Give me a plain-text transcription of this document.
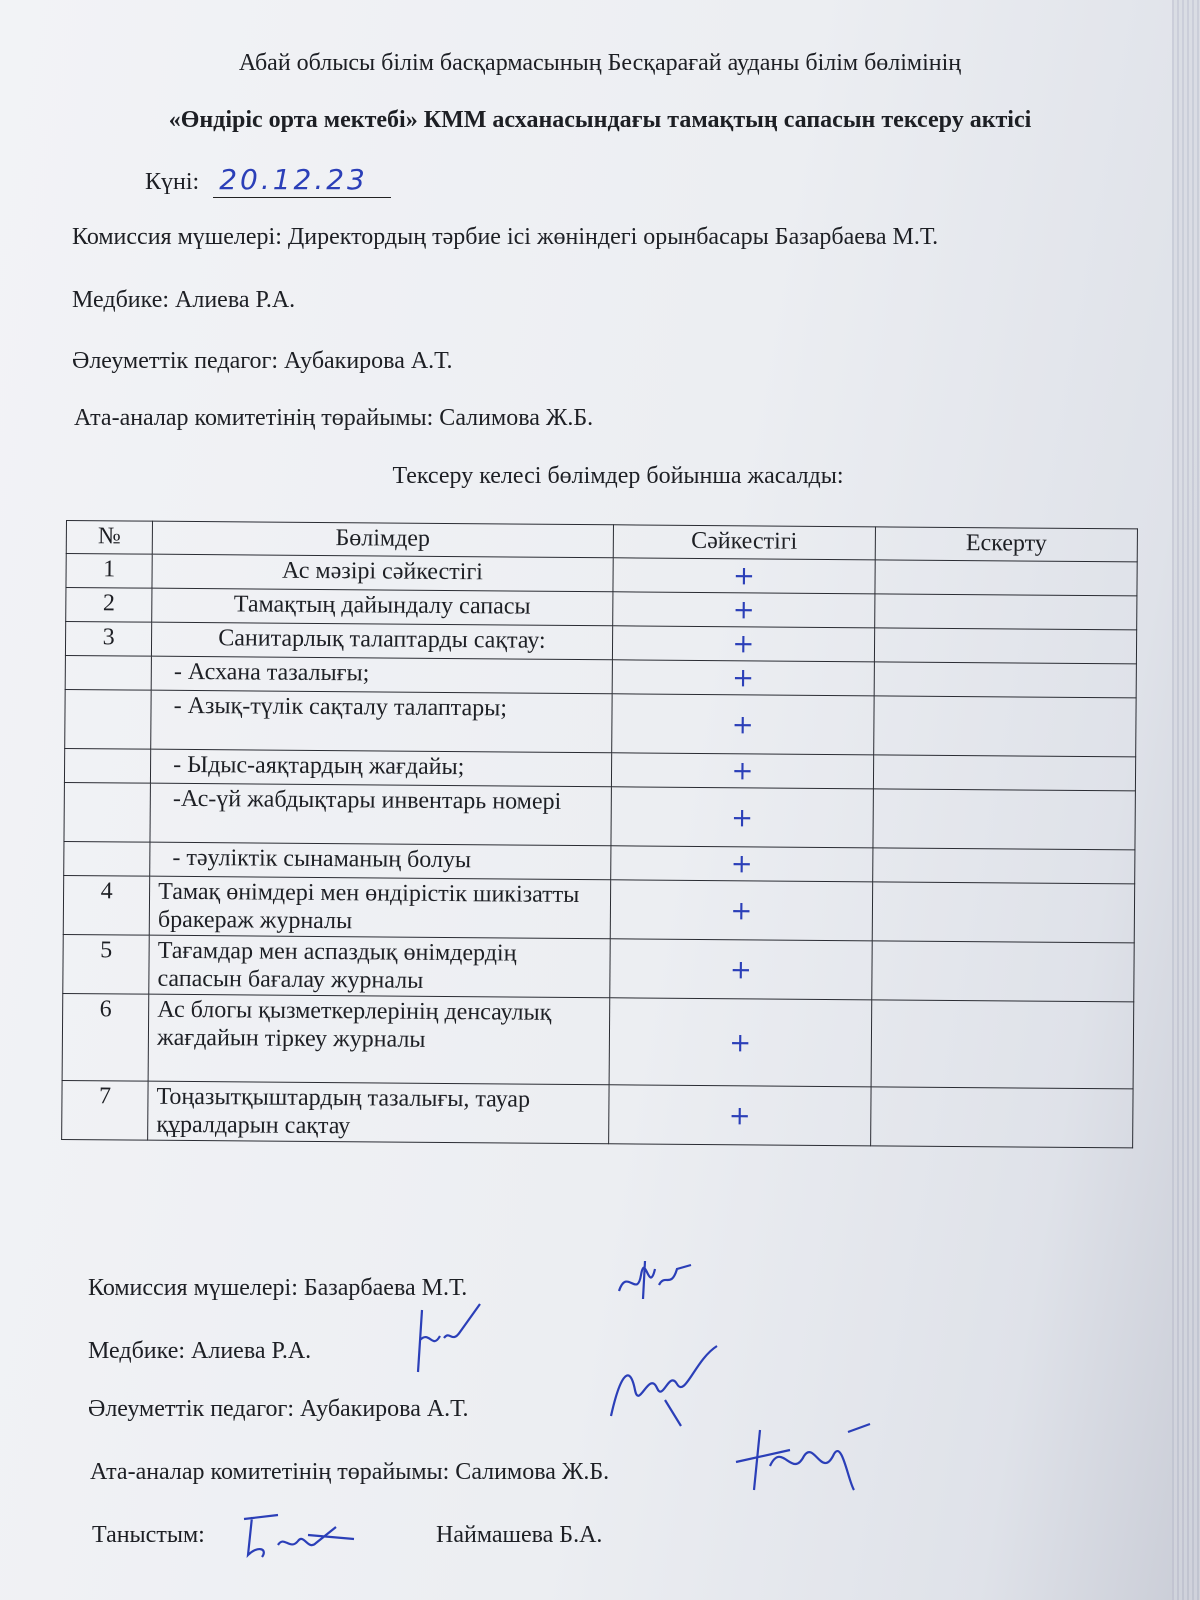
Абай облысы білім басқармасының Бесқарағай ауданы білім бөлімінің
«Өндіріс орта мектебі» КММ асханасындағы тамақтың сапасын тексеру актісі
Күні: 20.12.23
Комиссия мүшелері: Директордың тәрбие ісі жөніндегі орынбасары Базарбаева М.Т.
Медбике: Алиева Р.А.
Әлеуметтік педагог: Аубакирова А.Т.
Ата-аналар комитетінің төрайымы: Салимова Ж.Б.
Тексеру келесі бөлімдер бойынша жасалды:
№	Бөлімдер	Сәйкестігі	Ескерту
1	Ас мәзірі сәйкестігі	+	
2	Тамақтың дайындалу сапасы	+	
3	Санитарлық талаптарды сақтау:	+	
	- Асхана тазалығы;	+	
	- Азық-түлік сақталу талаптары;	+	
	- Ыдыс-аяқтардың жағдайы;	+	
	-Ас-үй жабдықтары инвентарь номері	+	
	- тәуліктік сынаманың болуы	+	
4	Тамақ өнімдері мен өндірістік шикізатты бракераж журналы	+	
5	Тағамдар мен аспаздық өнімдердің сапасын бағалау журналы	+	
6	Ас блогы қызметкерлерінің денсаулық жағдайын тіркеу журналы	+	
7	Тоңазытқыштардың тазалығы, тауар құралдарын сақтау	+	
Комиссия мүшелері: Базарбаева М.Т.
Медбике: Алиева Р.А.
Әлеуметтік педагог: Аубакирова А.Т.
Ата-аналар комитетінің төрайымы: Салимова Ж.Б.
Таныстым:	Наймашева Б.А.
